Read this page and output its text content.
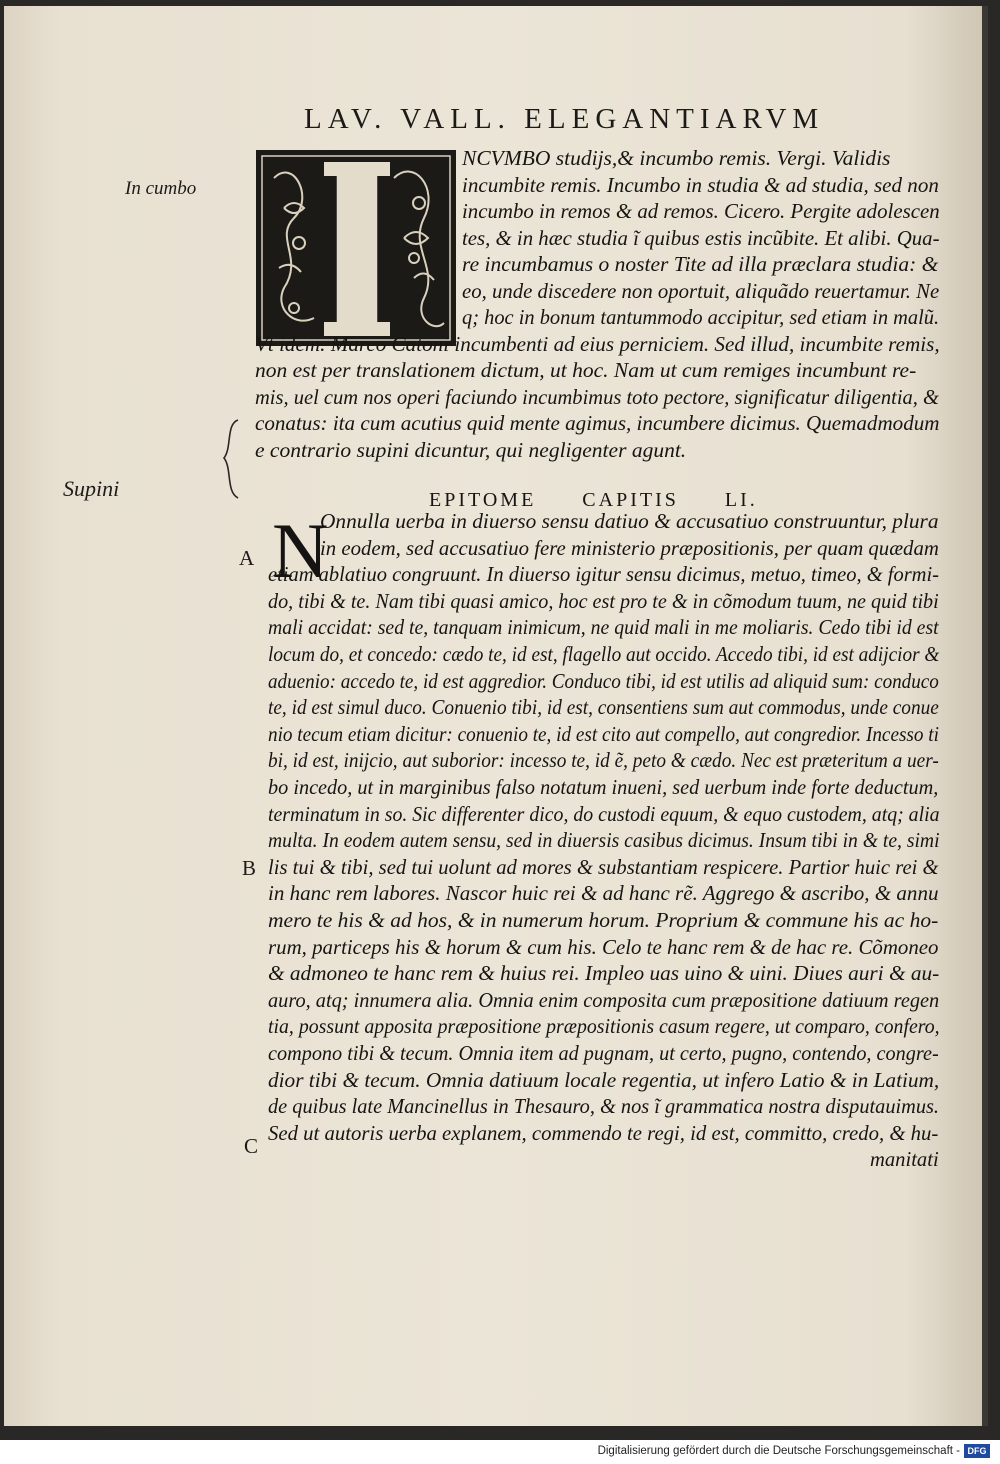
LAV. VALL. ELEGANTIARVM
In cumbo
Supini
A
B
C
NCVMBO studijs,& incumbo remis. Vergi. Validis
incumbite remis. Incumbo in studia & ad studia, sed non
incumbo in remos & ad remos. Cicero. Pergite adolescen
tes, & in hæc studia ĩ quibus estis incũbite. Et alibi. Qua-
re incumbamus o noster Tite ad illa præclara studia: &
eo, unde discedere non oportuit, aliquãdo reuertamur. Ne
q; hoc in bonum tantummodo accipitur, sed etiam in malũ.
Vt idem. Marco Catoni incumbenti ad eius perniciem. Sed illud, incumbite remis,
non est per translationem dictum, ut hoc. Nam ut cum remiges incumbunt re-
mis, uel cum nos operi faciundo incumbimus toto pectore, significatur diligentia, &
conatus: ita cum acutius quid mente agimus, incumbere dicimus. Quemadmodum
e contrario supini dicuntur, qui negligenter agunt.
EPITOME CAPITIS LI.
N
Onnulla uerba in diuerso sensu datiuo & accusatiuo construuntur, plura
in eodem, sed accusatiuo fere ministerio præpositionis, per quam quædam
etiam ablatiuo congruunt. In diuerso igitur sensu dicimus, metuo, timeo, & formi-
do, tibi & te. Nam tibi quasi amico, hoc est pro te & in cõmodum tuum, ne quid tibi
mali accidat: sed te, tanquam inimicum, ne quid mali in me moliaris. Cedo tibi id est
locum do, et concedo: cædo te, id est, flagello aut occido. Accedo tibi, id est adijcior &
aduenio: accedo te, id est aggredior. Conduco tibi, id est utilis ad aliquid sum: conduco
te, id est simul duco. Conuenio tibi, id est, consentiens sum aut commodus, unde conue
nio tecum etiam dicitur: conuenio te, id est cito aut compello, aut congredior. Incesso ti
bi, id est, inijcio, aut suborior: incesso te, id ẽ, peto & cædo. Nec est præteritum a uer-
bo incedo, ut in marginibus falso notatum inueni, sed uerbum inde forte deductum,
terminatum in so. Sic differenter dico, do custodi equum, & equo custodem, atq; alia
multa. In eodem autem sensu, sed in diuersis casibus dicimus. Insum tibi in & te, simi
lis tui & tibi, sed tui uolunt ad mores & substantiam respicere. Partior huic rei &
in hanc rem labores. Nascor huic rei & ad hanc rẽ. Aggrego & ascribo, & annu
mero te his & ad hos, & in numerum horum. Proprium & commune his ac ho-
rum, particeps his & horum & cum his. Celo te hanc rem & de hac re. Cõmoneo
& admoneo te hanc rem & huius rei. Impleo uas uino & uini. Diues auri & au-
auro, atq; innumera alia. Omnia enim composita cum præpositione datiuum regen
tia, possunt apposita præpositione præpositionis casum regere, ut comparo, confero,
compono tibi & tecum. Omnia item ad pugnam, ut certo, pugno, contendo, congre-
dior tibi & tecum. Omnia datiuum locale regentia, ut infero Latio & in Latium,
de quibus late Mancinellus in Thesauro, & nos ĩ grammatica nostra disputauimus.
Sed ut autoris uerba explanem, commendo te regi, id est, committo, credo, & hu-
manitati
Digitalisierung gefördert durch die Deutsche Forschungsgemeinschaft - DFG
